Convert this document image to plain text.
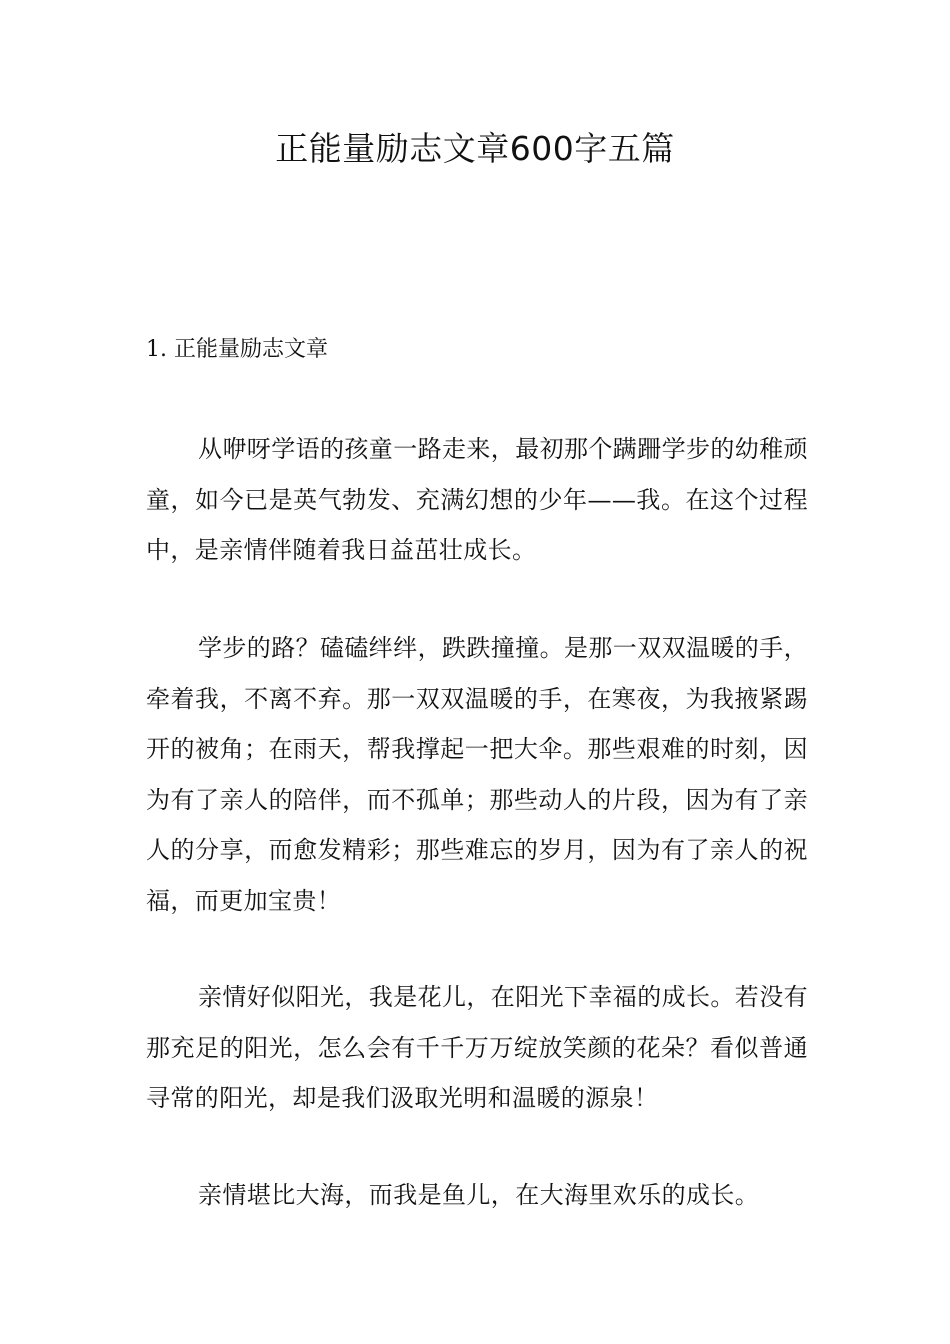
正能量励志文章600字五篇
1. 正能量励志文章

从咿呀学语的孩童一路走来，最初那个蹒跚学步的幼稚顽童，如今已是英气勃发、充满幻想的少年——我。在这个过程中，是亲情伴随着我日益茁壮成长。

学步的路？磕磕绊绊，跌跌撞撞。是那一双双温暖的手，牵着我，不离不弃。那一双双温暖的手，在寒夜，为我掖紧踢开的被角；在雨天，帮我撑起一把大伞。那些艰难的时刻，因为有了亲人的陪伴，而不孤单；那些动人的片段，因为有了亲人的分享，而愈发精彩；那些难忘的岁月，因为有了亲人的祝福，而更加宝贵！

亲情好似阳光，我是花儿，在阳光下幸福的成长。若没有那充足的阳光，怎么会有千千万万绽放笑颜的花朵？看似普通寻常的阳光，却是我们汲取光明和温暖的源泉！

亲情堪比大海，而我是鱼儿，在大海里欢乐的成长。
